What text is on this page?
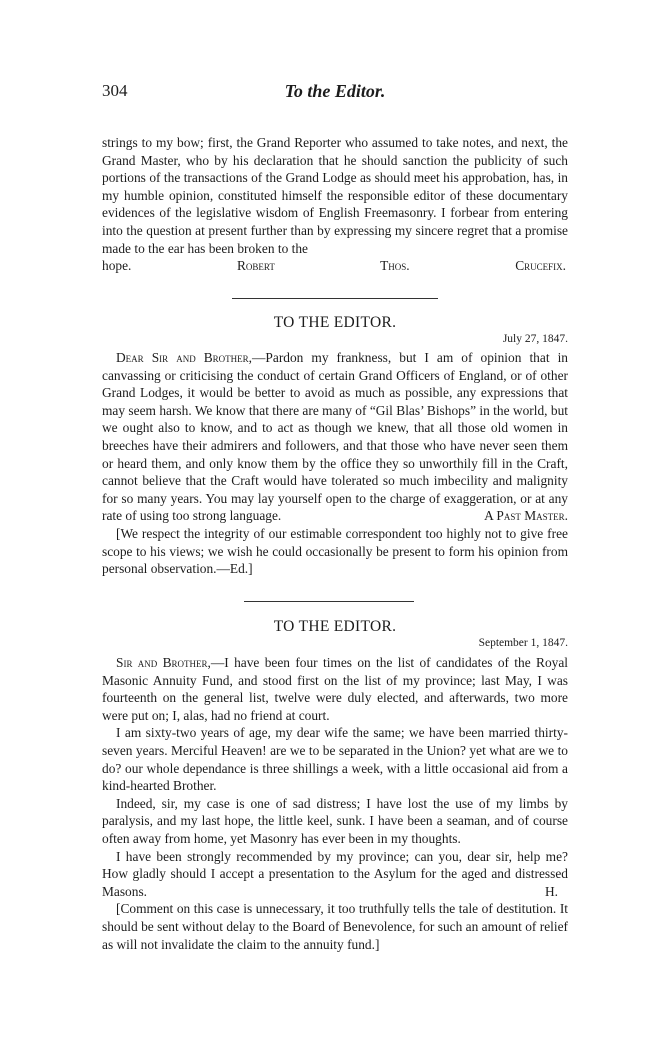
304	To the Editor.

strings to my bow; first, the Grand Reporter who assumed to take notes, and next, the Grand Master, who by his declaration that he should sanction the publicity of such portions of the transactions of the Grand Lodge as should meet his approbation, has, in my humble opinion, constituted himself the responsible editor of these documentary evidences of the legislative wisdom of English Freemasonry. I forbear from entering into the question at present further than by expressing my sincere regret that a promise made to the ear has been broken to the

hope.	Robert Thos. Crucefix.

TO THE EDITOR.
July 27, 1847.

Dear Sir and Brother,—Pardon my frankness, but I am of opinion that in canvassing or criticising the conduct of certain Grand Officers of England, or of other Grand Lodges, it would be better to avoid as much as possible, any expressions that may seem harsh. We know that there are many of “Gil Blas’ Bishops” in the world, but we ought also to know, and to act as though we knew, that all those old women in breeches have their admirers and followers, and that those who have never seen them or heard them, and only know them by the office they so unworthily fill in the Craft, cannot believe that the Craft would have tolerated so much imbecility and malignity for so many years. You may lay yourself open to the charge of exaggeration, or at any rate of using too strong language.	A Past Master.

[We respect the integrity of our estimable correspondent too highly not to give free scope to his views; we wish he could occasionally be present to form his opinion from personal observation.—Ed.]

TO THE EDITOR.
September 1, 1847.

Sir and Brother,—I have been four times on the list of candidates of the Royal Masonic Annuity Fund, and stood first on the list of my province; last May, I was fourteenth on the general list, twelve were duly elected, and afterwards, two more were put on; I, alas, had no friend at court.

I am sixty-two years of age, my dear wife the same; we have been married thirty-seven years. Merciful Heaven! are we to be separated in the Union? yet what are we to do? our whole dependance is three shillings a week, with a little occasional aid from a kind-hearted Brother.

Indeed, sir, my case is one of sad distress; I have lost the use of my limbs by paralysis, and my last hope, the little keel, sunk. I have been a seaman, and of course often away from home, yet Masonry has ever been in my thoughts.

I have been strongly recommended by my province; can you, dear sir, help me? How gladly should I accept a presentation to the Asylum for the aged and distressed Masons.	H.

[Comment on this case is unnecessary, it too truthfully tells the tale of destitution. It should be sent without delay to the Board of Benevolence, for such an amount of relief as will not invalidate the claim to the annuity fund.]
